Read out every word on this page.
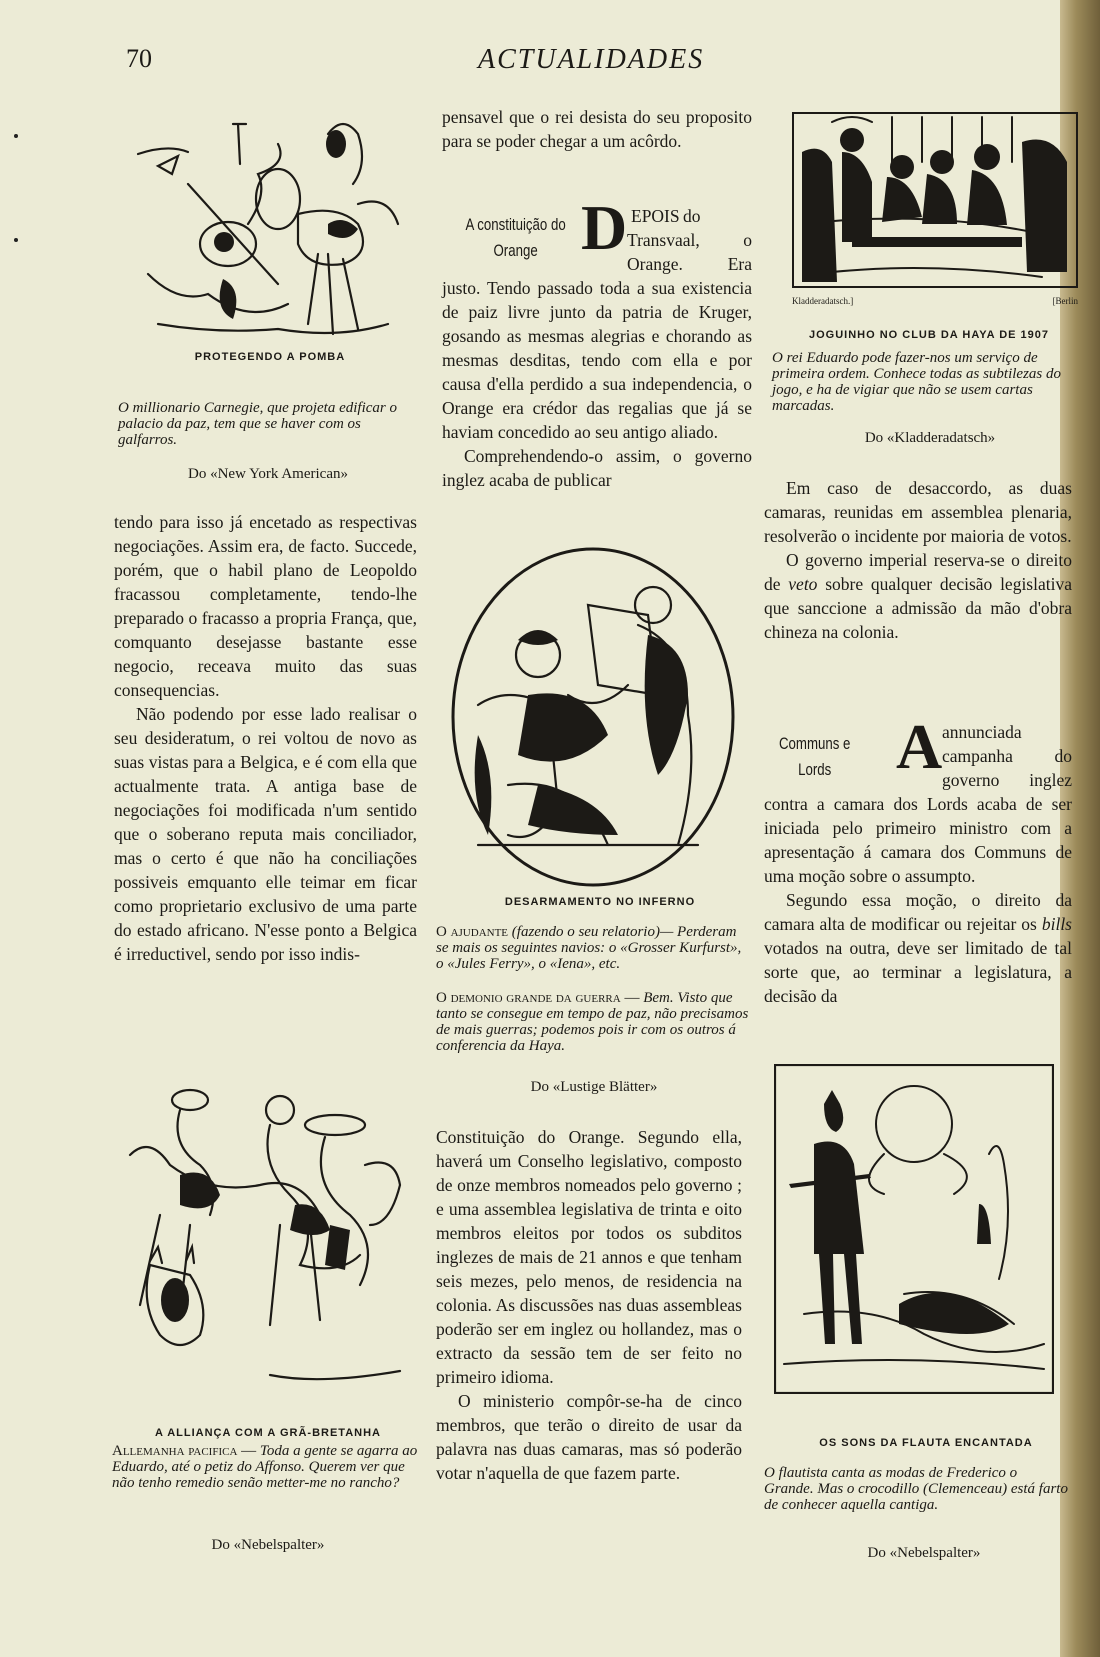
70	ACTUALIDADES
PROTEGENDO A POMBA
O millionario Carnegie, que projeta edificar o palacio da paz, tem que se haver com os galfarros.
Do «New York American»

tendo para isso já encetado as respectivas negociações. Assim era, de facto. Succede, porém, que o habil plano de Leopoldo fracassou completamente, tendo-lhe preparado o fracasso a propria França, que, comquanto desejasse bastante esse negocio, receava muito das suas consequencias.

Não podendo por esse lado realisar o seu desideratum, o rei voltou de novo as suas vistas para a Belgica, e é com ella que actualmente trata. A antiga base de negociações foi modificada n'um sentido que o soberano reputa mais conciliador, mas o certo é que não ha conciliações possiveis emquanto elle teimar em ficar como proprietario exclusivo de uma parte do estado africano. N'esse ponto a Belgica é irreductivel, sendo por isso indis-

A ALLIANÇA COM A GRÃ-BRETANHA
Allemanha pacifica — Toda a gente se agarra ao Eduardo, até o petiz do Affonso. Querem ver que não tenho remedio senão metter-me no rancho?
Do «Nebelspalter»
pensavel que o rei desista do seu proposito para se poder chegar a um acôrdo.
A constituição do Orange D EPOIS

do Transvaal, o Orange. Era justo. Tendo passado toda a sua existencia de paiz livre junto da patria de Kruger, gosando as mesmas alegrias e chorando as mesmas desditas, tendo com ella e por causa d'ella perdido a sua independencia, o Orange era crédor das regalias que já se haviam concedido ao seu antigo aliado.

Comprehendendo-o assim, o governo inglez acaba de publicar

DESARMAMENTO NO INFERNO
O ajudante (fazendo o seu relatorio)— Perderam se mais os seguintes navios: o «Grosser Kurfurst», o «Jules Ferry», o «Iena», etc.
O demonio grande da guerra — Bem. Visto que tanto se consegue em tempo de paz, não precisamos de mais guerras; podemos pois ir com os outros á conferencia da Haya.
Do «Lustige Blätter»

Constituição do Orange. Segundo ella, haverá um Conselho legislativo, composto de onze membros nomeados pelo governo ; e uma assemblea legislativa de trinta e oito membros eleitos por todos os subditos inglezes de mais de 21 annos e que tenham seis mezes, pelo menos, de residencia na colonia. As discussões nas duas assembleas poderão ser em inglez ou hollandez, mas o extracto da sessão tem de ser feito no primeiro idioma.

O ministerio compôr-se-ha de cinco membros, que terão o direito de usar da palavra nas duas camaras, mas só poderão votar n'aquella de que fazem parte.

Kladderadatsch.]	[Berlin
JOGUINHO NO CLUB DA HAYA DE 1907
O rei Eduardo pode fazer-nos um serviço de primeira ordem. Conhece todas as subtilezas do jogo, e ha de vigiar que não se usem cartas marcadas.
Do «Kladderadatsch»

Em caso de desaccordo, as duas camaras, reunidas em assemblea plenaria, resolverão o incidente por maioria de votos.

O governo imperial reserva-se o direito de veto sobre qualquer decisão legislativa que sanccione a admissão da mão d'obra chineza na colonia.

Communs e Lords	A annunciada campanha do governo inglez contra a camara dos Lords acaba de ser iniciada pelo primeiro ministro com a apresentação á camara dos Communs de uma moção sobre o assumpto.

Segundo essa moção, o direito da camara alta de modificar ou rejeitar os bills votados na outra, deve ser limitado de tal sorte que, ao terminar a legislatura, a decisão da

OS SONS DA FLAUTA ENCANTADA
O flautista canta as modas de Frederico o Grande. Mas o crocodillo (Clemenceau) está farto de conhecer aquella cantiga.
Do «Nebelspalter»
